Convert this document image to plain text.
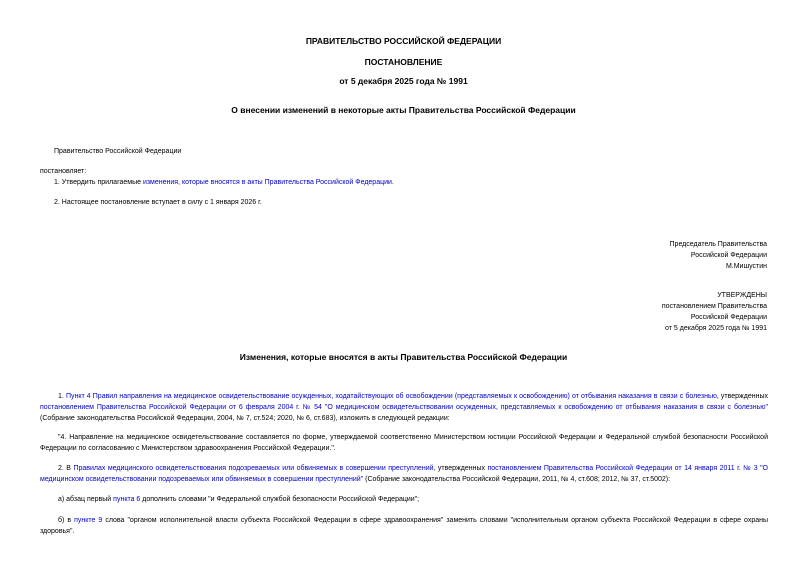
ПРАВИТЕЛЬСТВО РОССИЙСКОЙ ФЕДЕРАЦИИ
ПОСТАНОВЛЕНИЕ
от 5 декабря 2025 года № 1991
О внесении изменений в некоторые акты Правительства Российской Федерации
Правительство Российской Федерации
постановляет:
1. Утвердить прилагаемые изменения, которые вносятся в акты Правительства Российской Федерации.
2. Настоящее постановление вступает в силу с 1 января 2026 г.
Председатель Правительства
Российской Федерации
М.Мишустин
УТВЕРЖДЕНЫ
постановлением Правительства
Российской Федерации
от 5 декабря 2025 года № 1991
Изменения, которые вносятся в акты Правительства Российской Федерации
1. Пункт 4 Правил направления на медицинское освидетельствование осужденных, ходатайствующих об освобождении (представляемых к освобождению) от отбывания наказания в связи с болезнью, утвержденных постановлением Правительства Российской Федерации от 6 февраля 2004 г. № 54 "О медицинском освидетельствовании осужденных, представляемых к освобождению от отбывания наказания в связи с болезнью" (Собрание законодательства Российской Федерации, 2004, № 7, ст.524; 2020, № 6, ст.683), изложить в следующей редакции:
"4. Направление на медицинское освидетельствование составляется по форме, утверждаемой соответственно Министерством юстиции Российской Федерации и Федеральной службой безопасности Российской Федерации по согласованию с Министерством здравоохранения Российской Федерации.".
2. В Правилах медицинского освидетельствования подозреваемых или обвиняемых в совершении преступлений, утвержденных постановлением Правительства Российской Федерации от 14 января 2011 г. № 3 "О медицинском освидетельствовании подозреваемых или обвиняемых в совершении преступлений" (Собрание законодательства Российской Федерации, 2011, № 4, ст.608; 2012, № 37, ст.5002):
а) абзац первый пункта 6 дополнить словами "и Федеральной службой безопасности Российской Федерации";
б) в пункте 9 слова "органом исполнительной власти субъекта Российской Федерации в сфере здравоохранения" заменить словами "исполнительным органом субъекта Российской Федерации в сфере охраны здоровья".
